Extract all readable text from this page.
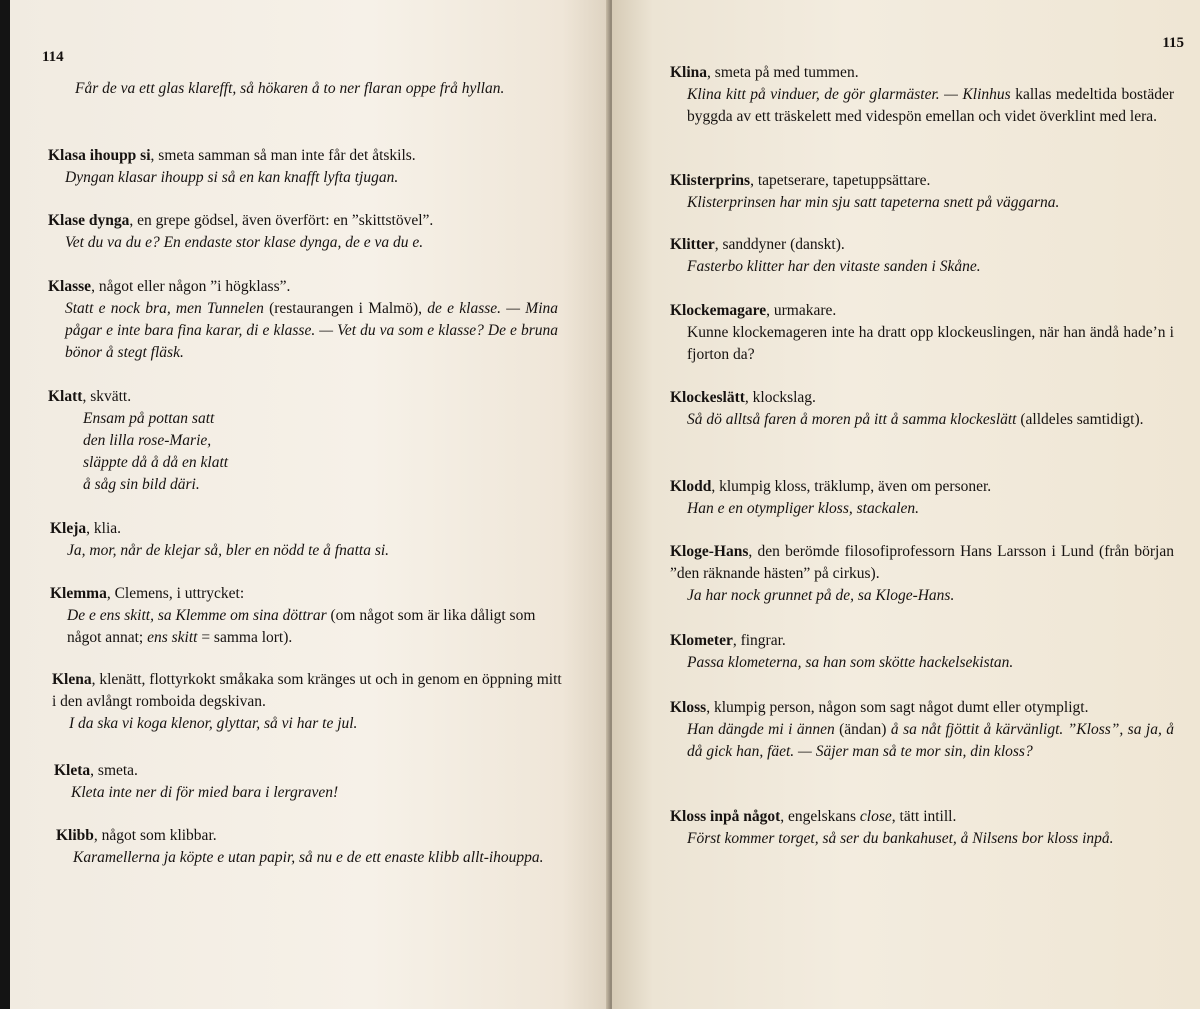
114

Får de va ett glas klarefft, så hökaren å to ner flaran oppe frå hyllan.

Klasa ihoupp si, smeta samman så man inte får det åtskils.

Dyngan klasar ihoupp si så en kan knafft lyfta tjugan.

Klase dynga, en grepe gödsel, även överfört: en ”skittstövel”.

Vet du va du e? En endaste stor klase dynga, de e va du e.

Klasse, något eller någon ”i högklass”.

Statt e nock bra, men Tunnelen (restaurangen i Malmö), de e klasse. — Mina pågar e inte bara fina karar, di e klasse. — Vet du va som e klasse? De e bruna bönor å stegt fläsk.

Klatt, skvätt.

Ensam på pottan satt

den lilla rose-Marie,

släppte då å då en klatt

å såg sin bild däri.

Kleja, klia.

Ja, mor, når de klejar så, bler en nödd te å fnatta si.

Klemma, Clemens, i uttrycket:

De e ens skitt, sa Klemme om sina döttrar (om något som är lika dåligt som något annat; ens skitt = samma lort).

Klena, klenätt, flottyrkokt småkaka som kränges ut och in genom en öppning mitt i den avlångt romboida degskivan.

I da ska vi koga klenor, glyttar, så vi har te jul.

Kleta, smeta.

Kleta inte ner di för mied bara i lergraven!

Klibb, något som klibbar.

Karamellerna ja köpte e utan papir, så nu e de ett enaste klibb allt-ihouppa.

115

Klina, smeta på med tummen.

Klina kitt på vinduer, de gör glarmäster. — Klinhus kallas medeltida bostäder byggda av ett träskelett med videspön emellan och videt överklint med lera.

Klisterprins, tapetserare, tapetuppsättare.

Klisterprinsen har min sju satt tapeterna snett på väggarna.

Klitter, sanddyner (danskt).

Fasterbo klitter har den vitaste sanden i Skåne.

Klockemagare, urmakare.

Kunne klockemageren inte ha dratt opp klockeuslingen, när han ändå hade’n i fjorton da?

Klockeslätt, klockslag.

Så dö alltså faren å moren på itt å samma klockeslätt (alldeles samtidigt).

Klodd, klumpig kloss, träklump, även om personer.

Han e en otympliger kloss, stackalen.

Kloge-Hans, den berömde filosofiprofessorn Hans Larsson i Lund (från början ”den räknande hästen” på cirkus).

Ja har nock grunnet på de, sa Kloge-Hans.

Klometer, fingrar.

Passa klometerna, sa han som skötte hackelsekistan.

Kloss, klumpig person, någon som sagt något dumt eller otympligt.

Han dängde mi i ännen (ändan) å sa nåt fjöttit å kärvänligt. ”Kloss”, sa ja, å då gick han, fäet. — Säjer man så te mor sin, din kloss?

Kloss inpå något, engelskans close, tätt intill.

Först kommer torget, så ser du bankahuset, å Nilsens bor kloss inpå.
